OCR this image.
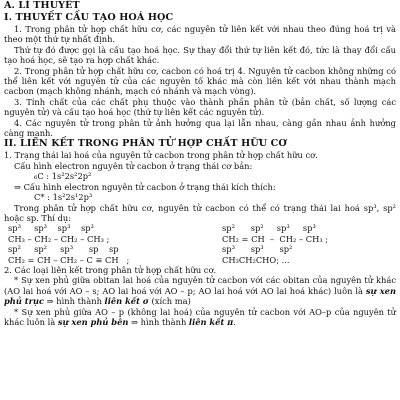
A. LÍ THUYẾT
I. THUYẾT CẤU TẠO HOÁ HỌC
1. Trong phân tử hợp chất hữu cơ, các nguyên tử liên kết với nhau theo đúng hoá trị và theo một thứ tự nhất định.
Thứ tự đó được gọi là cấu tạo hoá học. Sự thay đổi thứ tự liên kết đó, tức là thay đổi cấu tạo hoá học, sẽ tạo ra hợp chất khác.
2. Trong phân tử hợp chất hữu cơ, cacbon có hoá trị 4. Nguyên tử cacbon không những có thể liên kết với nguyên tử của các nguyên tố khác mà còn liên kết với nhau thành mạch cacbon (mạch không nhánh, mạch có nhánh và mạch vòng).
3. Tính chất của các chất phụ thuộc vào thành phần phân tử (bản chất, số lượng các nguyên tử) và cấu tạo hoá học (thứ tự liên kết các nguyên tử).
4. Các nguyên tử trong phân tử ảnh hưởng qua lại lẫn nhau, càng gần nhau ảnh hưởng càng mạnh.
II. LIÊN KẾT TRONG PHÂN TỬ HỢP CHẤT HỮU CƠ
1. Trạng thái lai hoá của nguyên tử cacbon trong phân tử hợp chất hữu cơ.
Cấu hình electron nguyên tử cacbon ở trạng thái cơ bản:
₆C : 1s²2s²2p²
⇒ Cấu hình electron nguyên tử cacbon ở trạng thái kích thích:
C* : 1s²2s¹2p³
Trong phân tử hợp chất hữu cơ, nguyên tử cacbon có thể có trạng thái lai hoá sp³, sp² hoặc sp. Thí dụ:
sp³     sp³    sp³    sp³	sp²      sp²     sp³     sp³
CH₃ – CH₂ – CH₂ – CH₃ ;	CH₂ = CH  –  CH₂ – CH₃ ;
sp²     sp²     sp³      sp    sp	sp³      sp³      sp²
CH₂ = CH – CH₂ – C ≡ CH   ;	CH₃CH₂CHO; ...
2. Các loại liên kết trong phân tử hợp chất hữu cơ.
* Sự xen phủ giữa obitan lai hoá của nguyên tử cacbon với các obitan của nguyên tử khác (AO lai hoá với AO – s; AO lai hoá với AO – p; AO lai hoá với AO lai hoá khác) luôn là sự xen phủ trục ⇒ hình thành liên kết σ (xích ma)
* Sự xen phủ giữa AO – p (không lai hoá) của nguyên tử cacbon với AO–p của nguyên tử khác luôn là sự xen phủ bên ⇒ hình thành liên kết π.
